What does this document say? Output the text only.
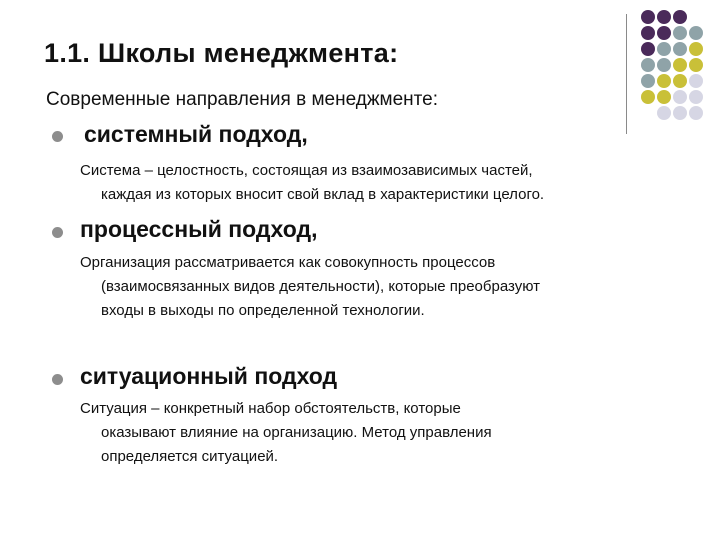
1.1. Школы менеджмента:
Современные направления в менеджменте:
системный подход,
Система – целостность, состоящая из взаимозависимых частей,
каждая из которых вносит свой вклад в характеристики целого.
процессный подход,
Организация рассматривается как совокупность процессов
(взаимосвязанных видов деятельности), которые преобразуют
входы в выходы по определенной технологии.
ситуационный подход
Ситуация – конкретный набор обстоятельств, которые
оказывают влияние на организацию. Метод управления
определяется ситуацией.
